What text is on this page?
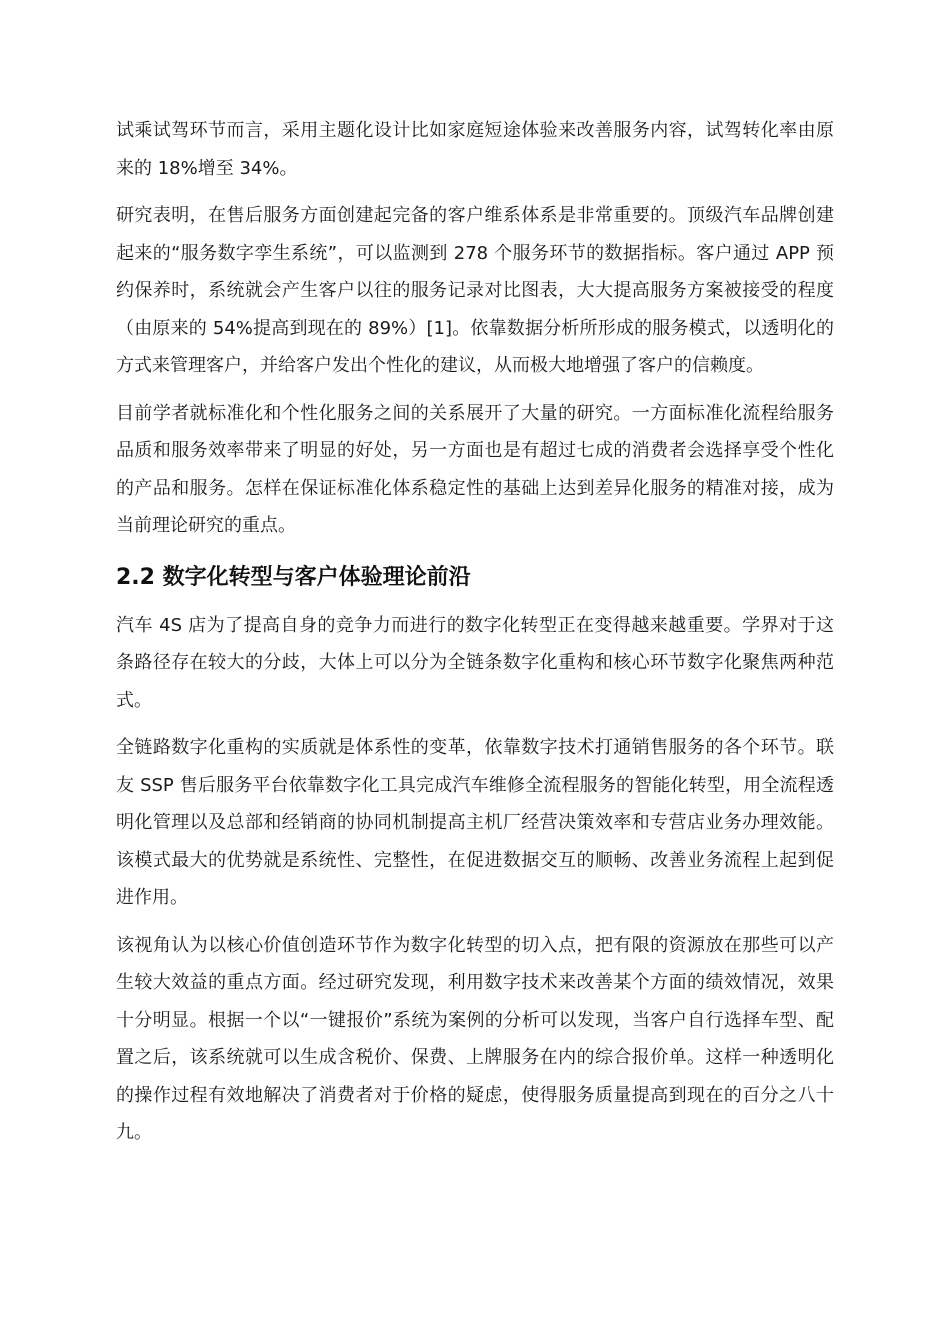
试乘试驾环节而言，采用主题化设计比如家庭短途体验来改善服务内容，试驾转化率由原来的 18%增至 34%。

研究表明，在售后服务方面创建起完备的客户维系体系是非常重要的。顶级汽车品牌创建起来的“服务数字孪生系统”，可以监测到 278 个服务环节的数据指标。客户通过 APP 预约保养时，系统就会产生客户以往的服务记录对比图表，大大提高服务方案被接受的程度（由原来的 54%提高到现在的 89%）[1]。依靠数据分析所形成的服务模式，以透明化的方式来管理客户，并给客户发出个性化的建议，从而极大地增强了客户的信赖度。

目前学者就标准化和个性化服务之间的关系展开了大量的研究。一方面标准化流程给服务品质和服务效率带来了明显的好处，另一方面也是有超过七成的消费者会选择享受个性化的产品和服务。怎样在保证标准化体系稳定性的基础上达到差异化服务的精准对接，成为当前理论研究的重点。

2.2 数字化转型与客户体验理论前沿

汽车 4S 店为了提高自身的竞争力而进行的数字化转型正在变得越来越重要。学界对于这条路径存在较大的分歧，大体上可以分为全链条数字化重构和核心环节数字化聚焦两种范式。

全链路数字化重构的实质就是体系性的变革，依靠数字技术打通销售服务的各个环节。联友 SSP 售后服务平台依靠数字化工具完成汽车维修全流程服务的智能化转型，用全流程透明化管理以及总部和经销商的协同机制提高主机厂经营决策效率和专营店业务办理效能。该模式最大的优势就是系统性、完整性，在促进数据交互的顺畅、改善业务流程上起到促进作用。

该视角认为以核心价值创造环节作为数字化转型的切入点，把有限的资源放在那些可以产生较大效益的重点方面。经过研究发现，利用数字技术来改善某个方面的绩效情况，效果十分明显。根据一个以“一键报价”系统为案例的分析可以发现，当客户自行选择车型、配置之后，该系统就可以生成含税价、保费、上牌服务在内的综合报价单。这样一种透明化的操作过程有效地解决了消费者对于价格的疑虑，使得服务质量提高到现在的百分之八十九。
